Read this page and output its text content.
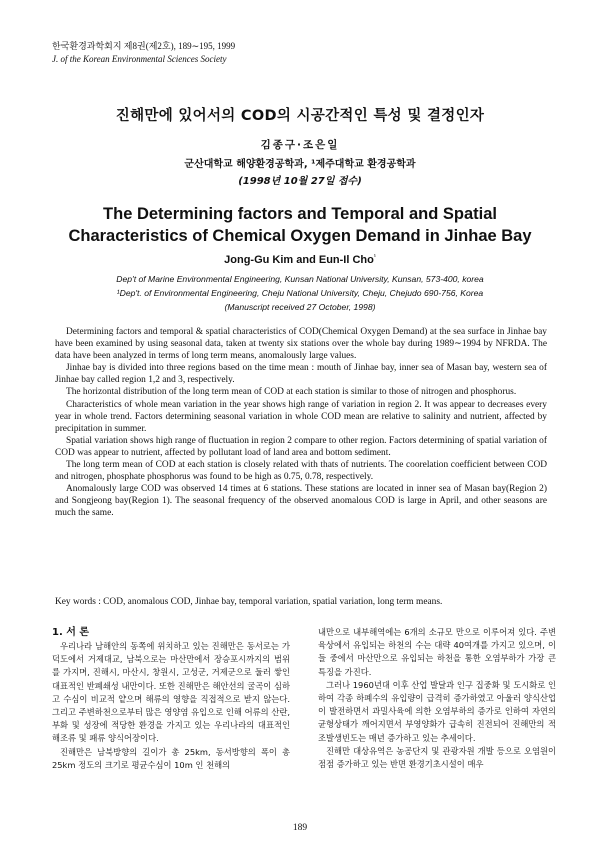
한국환경과학회지 제8권(제2호), 189∼195, 1999
J. of the Korean Environmental Sciences Society
진해만에 있어서의 COD의 시공간적인 특성 및 결정인자
김종구·조은일
군산대학교 해양환경공학과, ¹제주대학교 환경공학과
(1998년 10월 27일 접수)
The Determining factors and Temporal and Spatial
Characteristics of Chemical Oxygen Demand in Jinhae Bay
Jong-Gu Kim and Eun-Il Cho$^{^1}$
Dep't of Marine Environmental Engineering, Kunsan National University, Kunsan, 573-400, korea
¹Dep't. of Environmental Engineering, Cheju National University, Cheju, Chejudo 690-756, Korea
(Manuscript received 27 October, 1998)

Determining factors and temporal & spatial characteristics of COD(Chemical Oxygen Demand) at the sea surface in Jinhae bay have been examined by using seasonal data, taken at twenty six stations over the whole bay during 1989∼1994 by NFRDA. The data have been analyzed in terms of long term means, anomalously large values.

Jinhae bay is divided into three regions based on the time mean : mouth of Jinhae bay, inner sea of Masan bay, western sea of Jinhae bay called region 1,2 and 3, respectively.

The horizontal distribution of the long term mean of COD at each station is similar to those of nitrogen and phosphorus.

Characteristics of whole mean variation in the year shows high range of variation in region 2. It was appear to decreases every year in whole trend. Factors determining seasonal variation in whole COD mean are relative to salinity and nutrient, affected by precipitation in summer.

Spatial variation shows high range of fluctuation in region 2 compare to other region. Factors determining of spatial variation of COD was appear to nutrient, affected by pollutant load of land area and bottom sediment.

The long term mean of COD at each station is closely related with thats of nutrients. The coorelation coefficient between COD and nitrogen, phosphate phosphorus was found to be high as 0.75, 0.78, respectively.

Anomalously large COD was observed 14 times at 6 stations. These stations are located in inner sea of Masan bay(Region 2) and Songjeong bay(Region 1). The seasonal frequency of the observed anomalous COD is large in April, and other seasons are much the same.

Key words : COD, anomalous COD, Jinhae bay, temporal variation, spatial variation, long term means.
1. 서 론

우리나라 남해안의 동쪽에 위치하고 있는 진해만은 동서로는 가덕도에서 거제대교, 남북으로는 마산만에서 장승포시까지의 범위를 가지며, 진해시, 마산시, 창원시, 고성군, 거제군으로 둘러 쌓인 대표적인 반폐쇄성 내만이다. 또한 진해만은 해안선의 굴곡이 심하고 수심이 비교적 얕으며 해류의 영향을 직접적으로 받지 않는다. 그리고 주변하천으로부터 많은 영양염 유입으로 인해 어류의 산란, 부화 및 성장에 적당한 환경을 가지고 있는 우리나라의 대표적인 해조류 및 패류 양식어장이다.

진해만은 남북방향의 길이가 총 25km, 동서방향의 폭이 총 25km 정도의 크기로 평균수심이 10m 인 천해의

내만으로 내부해역에는 6개의 소규모 만으로 이루어져 있다. 주변 육상에서 유입되는 하천의 수는 대략 40여개를 가지고 있으며, 이들 중에서 마산만으로 유입되는 하천을 통한 오염부하가 가장 큰 특징을 가진다.

그러나 1960년대 이후 산업 발달과 인구 집중화 및 도시화로 인하여 각종 하폐수의 유입량이 급격히 증가하였고 아울러 양식산업이 발전하면서 과밀사육에 의한 오염부하의 증가로 인하여 자연의 균형상태가 깨어지면서 부영양화가 급속히 진전되어 진해만의 적조발생빈도는 매년 증가하고 있는 추세이다.

진해만 대상유역은 농공단지 및 관광자원 개발 등으로 오염원이 점점 증가하고 있는 반면 환경기초시설이 매우

189
